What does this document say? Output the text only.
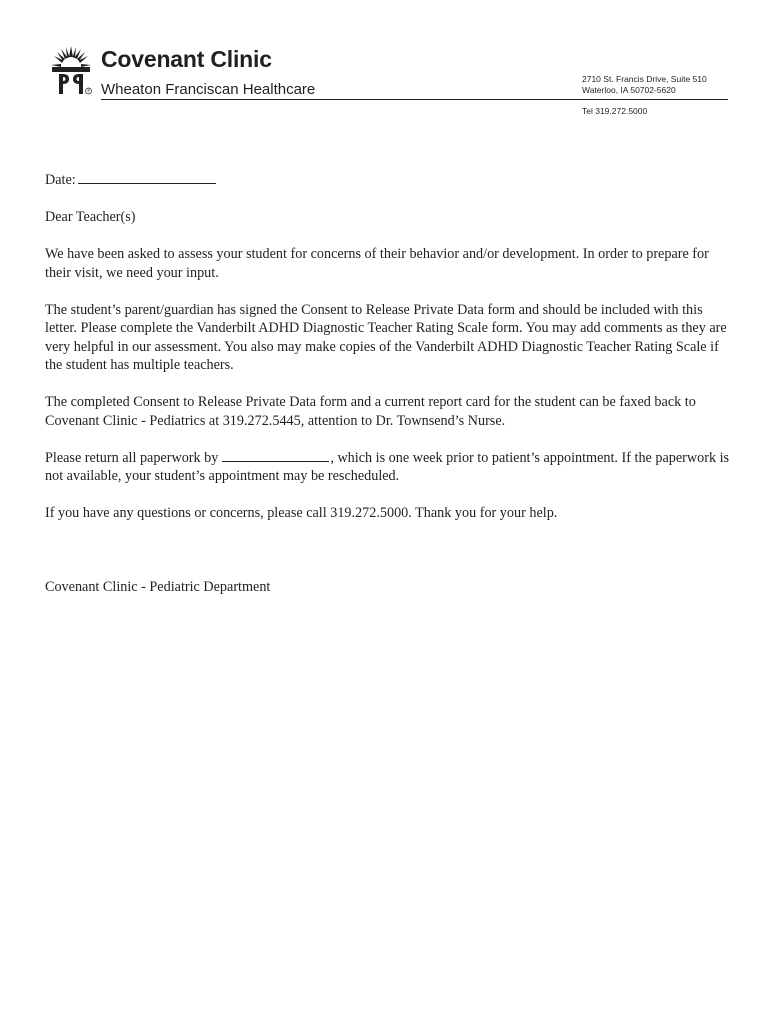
®
Covenant Clinic
Wheaton Franciscan Healthcare
2710 St. Francis Drive, Suite 510
Waterloo, IA 50702-5620
Tel 319.272.5000

Date:

Dear Teacher(s)

We have been asked to assess your student for concerns of their behavior and/or development. In order to prepare for their visit, we need your input.

The student’s parent/guardian has signed the Consent to Release Private Data form and should be included with this letter. Please complete the Vanderbilt ADHD Diagnostic Teacher Rating Scale form. You may add comments as they are very helpful in our assessment. You also may make copies of the Vanderbilt ADHD Diagnostic Teacher Rating Scale if the student has multiple teachers.

The completed Consent to Release Private Data form and a current report card for the student can be faxed back to Covenant Clinic - Pediatrics at 319.272.5445, attention to Dr. Townsend’s Nurse.

Please return all paperwork by	, which is one week prior to patient’s appointment. If the paperwork is not available, your student’s appointment may be rescheduled.

If you have any questions or concerns, please call 319.272.5000. Thank you for your help.

Covenant Clinic - Pediatric Department
